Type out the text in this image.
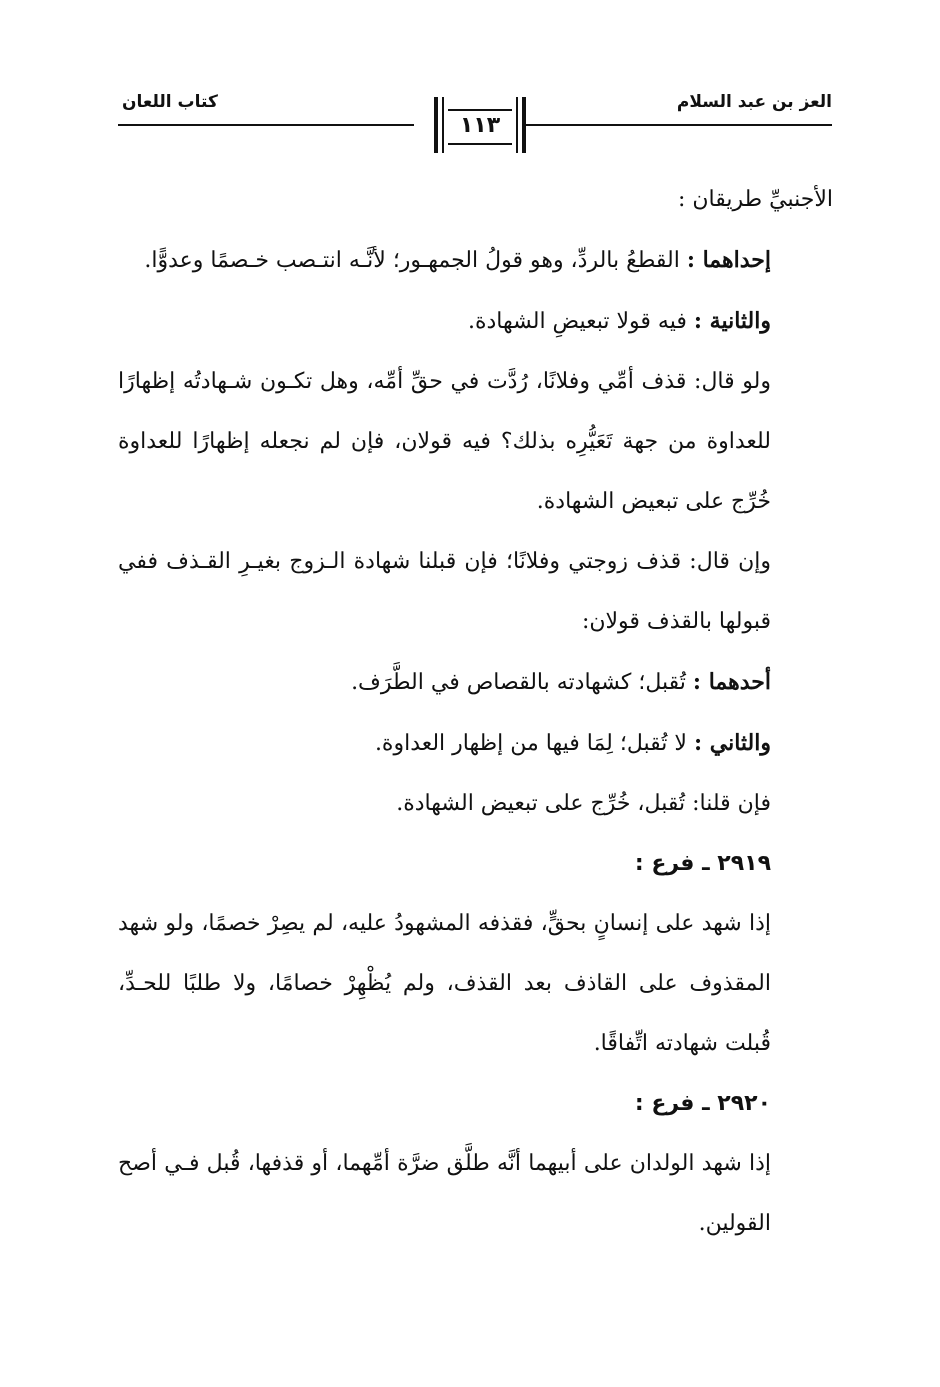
العز بن عبد السلام
كتاب اللعان
١١٣

الأجنبيِّ طريقان :

إحداهما : القطعُ بالردِّ، وهو قولُ الجمهـور؛ لأنَّـه انتـصب خـصمًا وعدوًّا.

والثانية : فيه قولا تبعيضِ الشهادة.

ولو قال: قذف أمِّي وفلانًا، رُدَّت في حقِّ أمِّه، وهل تكـون شـهادتُه إظهارًا للعداوة من جهة تَعَيُّرِه بذلك؟ فيه قولان، فإن لم نجعله إظهارًا للعداوة خُرِّج على تبعيض الشهادة.

وإن قال: قذف زوجتي وفلانًا؛ فإن قبلنا شهادة الـزوج بغيـرِ القـذف ففي قبولها بالقذف قولان:

أحدهما : تُقبل؛ كشهادته بالقصاص في الطَّرَف.

والثاني : لا تُقبل؛ لِمَا فيها من إظهار العداوة.

فإن قلنا: تُقبل، خُرِّج على تبعيض الشهادة.

٢٩١٩ ـ فرع :

إذا شهد على إنسانٍ بحقٍّ، فقذفه المشهودُ عليه، لم يصِرْ خصمًا، ولو شهد المقذوف على القاذف بعد القذف، ولم يُظْهِرْ خصامًا، ولا طلبًا للحـدِّ، قُبلت شهادته اتِّفاقًا.

٢٩٢٠ ـ فرع :

إذا شهد الولدان على أبيهما أنَّه طلَّق ضرَّة أمِّهما، أو قذفها، قُبل فـي أصح القولين.
